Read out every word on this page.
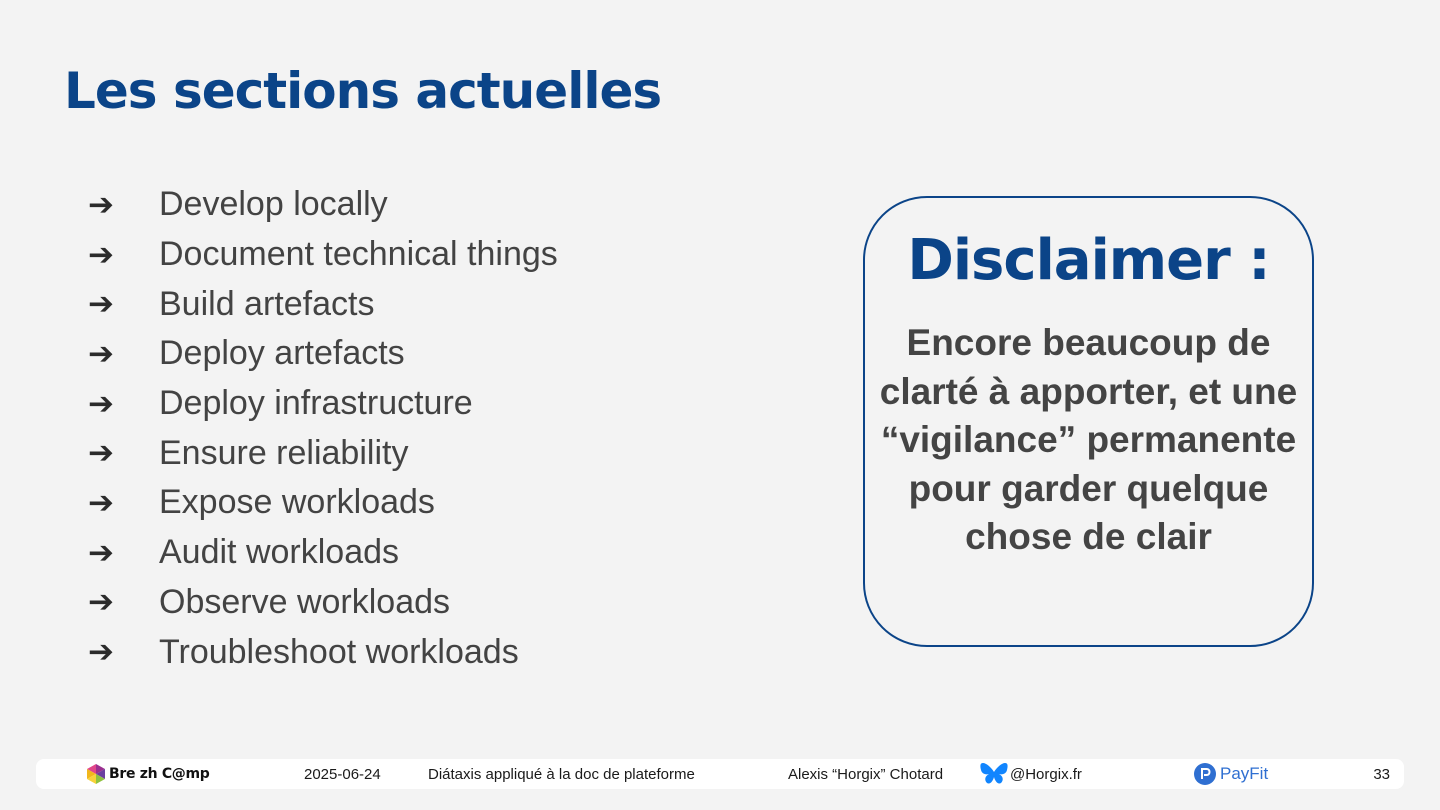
Les sections actuelles
➔	Develop locally
➔	Document technical things
➔	Build artefacts
➔	Deploy artefacts
➔	Deploy infrastructure
➔	Ensure reliability
➔	Expose workloads
➔	Audit workloads
➔	Observe workloads
➔	Troubleshoot workloads
Disclaimer :
Encore beaucoup de clarté à apporter, et une “vigilance” permanente pour garder quelque chose de clair
Bre zh C@mp	2025-06-24	Diátaxis appliqué à la doc de plateforme	Alexis “Horgix” Chotard	@Horgix.fr	PayFit	33
